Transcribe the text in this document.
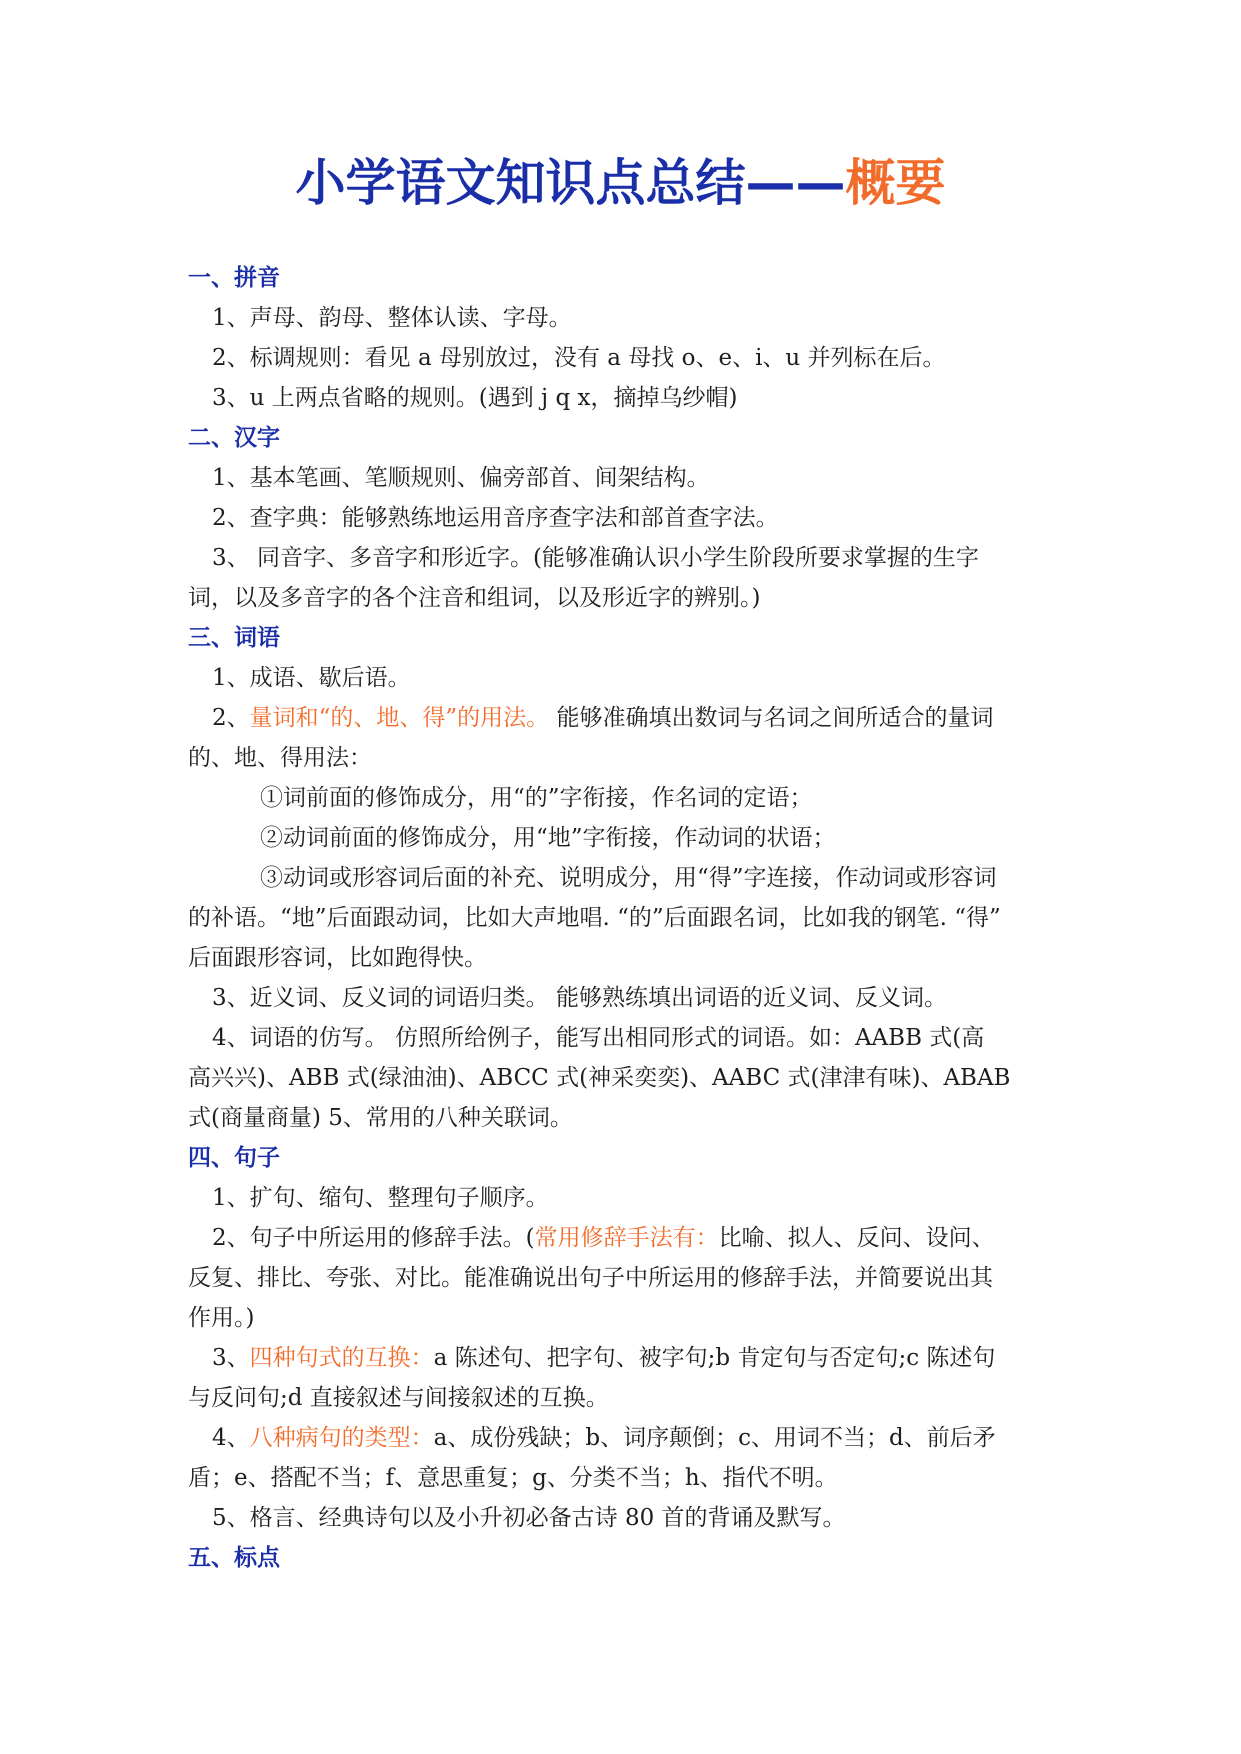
小学语文知识点总结——概要
一、拼音
1、声母、韵母、整体认读、字母。
2、标调规则：看见 a 母别放过，没有 a 母找 o、e、i、u 并列标在后。
3、u 上两点省略的规则。(遇到 j q x，摘掉乌纱帽)
二、汉字
1、基本笔画、笔顺规则、偏旁部首、间架结构。
2、查字典：能够熟练地运用音序查字法和部首查字法。
3、 同音字、多音字和形近字。(能够准确认识小学生阶段所要求掌握的生字
词，以及多音字的各个注音和组词，以及形近字的辨别。)
三、词语
1、成语、歇后语。
2、量词和“的、地、得”的用法。 能够准确填出数词与名词之间所适合的量词
的、地、得用法：
①词前面的修饰成分，用“的”字衔接，作名词的定语；
②动词前面的修饰成分，用“地”字衔接，作动词的状语；
③动词或形容词后面的补充、说明成分，用“得”字连接，作动词或形容词
的补语。“地”后面跟动词，比如大声地唱. “的”后面跟名词，比如我的钢笔. “得”
后面跟形容词，比如跑得快。
3、近义词、反义词的词语归类。 能够熟练填出词语的近义词、反义词。
4、词语的仿写。 仿照所给例子，能写出相同形式的词语。如：AABB 式(高
高兴兴)、ABB 式(绿油油)、ABCC 式(神采奕奕)、AABC 式(津津有味)、ABAB
式(商量商量) 5、常用的八种关联词。
四、句子
1、扩句、缩句、整理句子顺序。
2、句子中所运用的修辞手法。(常用修辞手法有：比喻、拟人、反问、设问、
反复、排比、夸张、对比。能准确说出句子中所运用的修辞手法，并简要说出其
作用。)
3、四种句式的互换：a 陈述句、把字句、被字句;b 肯定句与否定句;c 陈述句
与反问句;d 直接叙述与间接叙述的互换。
4、八种病句的类型：a、成份残缺；b、词序颠倒；c、用词不当；d、前后矛
盾；e、搭配不当；f、意思重复；g、分类不当；h、指代不明。
5、格言、经典诗句以及小升初必备古诗 80 首的背诵及默写。
五、标点
